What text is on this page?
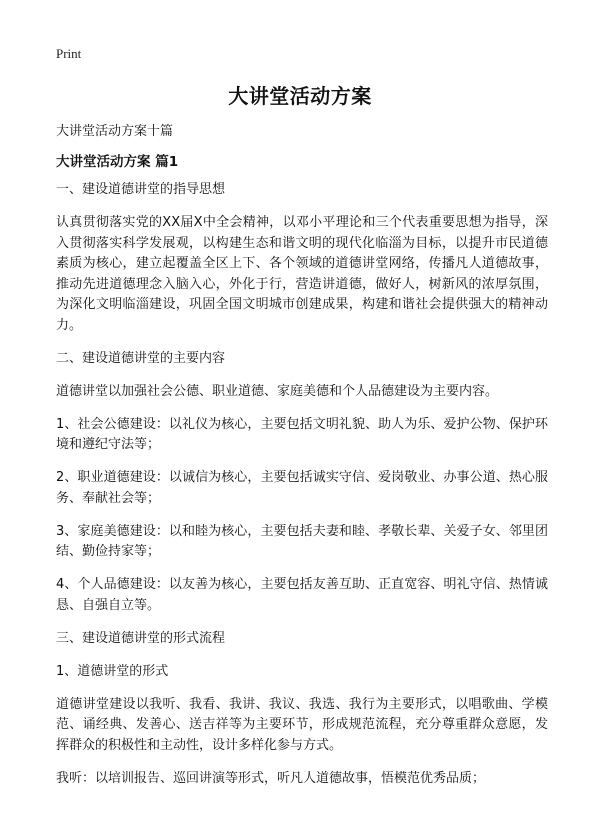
Print
大讲堂活动方案

大讲堂活动方案十篇

大讲堂活动方案 篇1

一、建设道德讲堂的指导思想

认真贯彻落实党的XX届X中全会精神，以邓小平理论和三个代表重要思想为指导，深入贯彻落实科学发展观，以构建生态和谐文明的现代化临淄为目标，以提升市民道德素质为核心，建立起覆盖全区上下、各个领域的道德讲堂网络，传播凡人道德故事，推动先进道德理念入脑入心，外化于行，营造讲道德，做好人，树新风的浓厚氛围，为深化文明临淄建设，巩固全国文明城市创建成果，构建和谐社会提供强大的精神动力。

二、建设道德讲堂的主要内容

道德讲堂以加强社会公德、职业道德、家庭美德和个人品德建设为主要内容。

1、社会公德建设：以礼仪为核心，主要包括文明礼貌、助人为乐、爱护公物、保护环境和遵纪守法等；

2、职业道德建设：以诚信为核心，主要包括诚实守信、爱岗敬业、办事公道、热心服务、奉献社会等；

3、家庭美德建设：以和睦为核心，主要包括夫妻和睦、孝敬长辈、关爱子女、邻里团结、勤俭持家等；

4、个人品德建设：以友善为核心，主要包括友善互助、正直宽容、明礼守信、热情诚恳、自强自立等。

三、建设道德讲堂的形式流程

1、道德讲堂的形式

道德讲堂建设以我听、我看、我讲、我议、我选、我行为主要形式，以唱歌曲、学模范、诵经典、发善心、送吉祥等为主要环节，形成规范流程，充分尊重群众意愿，发挥群众的积极性和主动性，设计多样化参与方式。

我听：以培训报告、巡回讲演等形式，听凡人道德故事，悟模范优秀品质；
